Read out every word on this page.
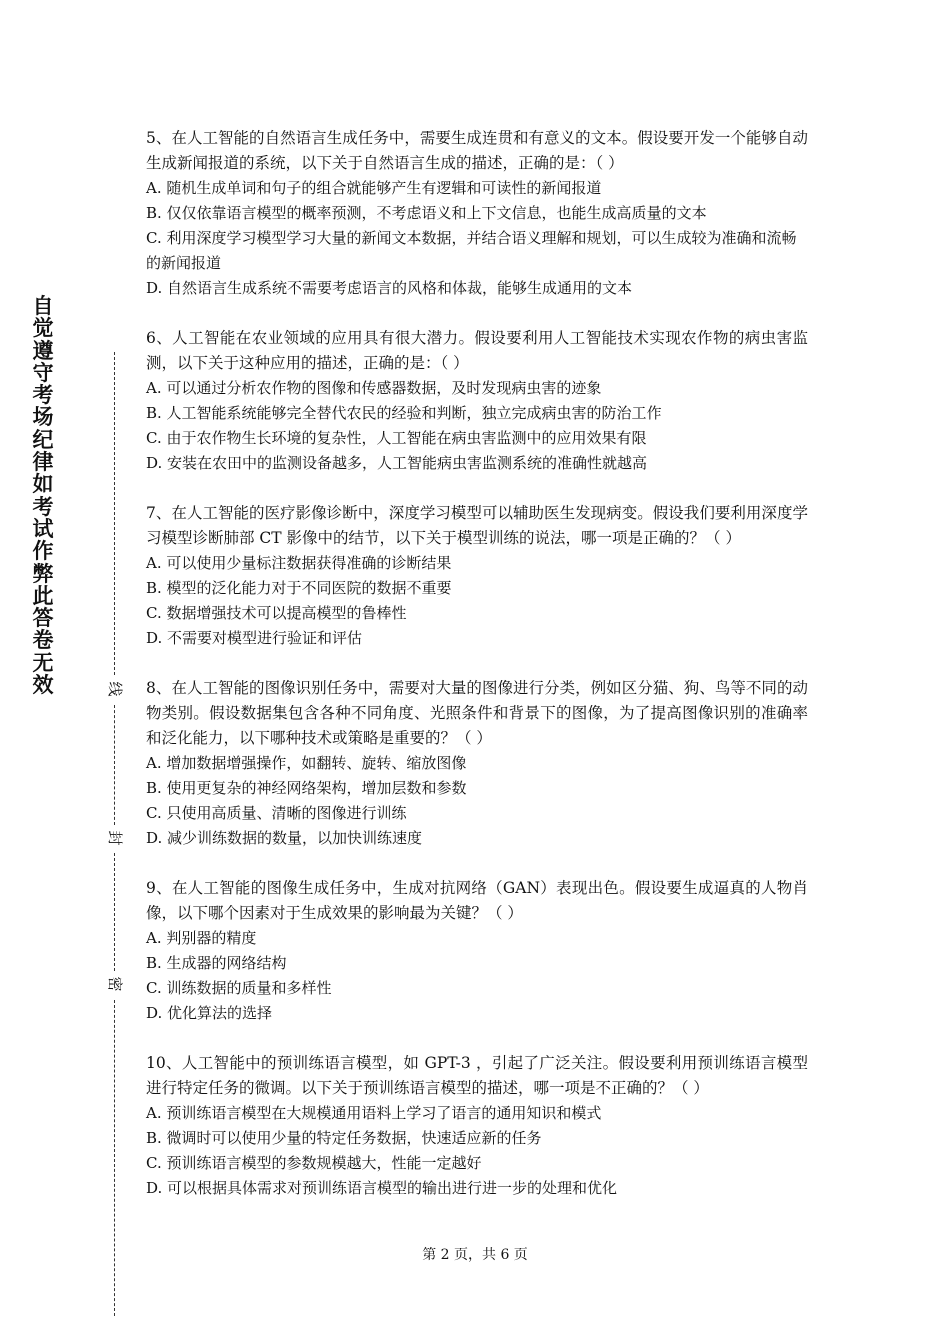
自觉遵守考场纪律如考试作弊此答卷无效	线
封
密

5、在人工智能的自然语言生成任务中，需要生成连贯和有意义的文本。假设要开发一个能够自动生成新闻报道的系统，以下关于自然语言生成的描述，正确的是：（ ）

A. 随机生成单词和句子的组合就能够产生有逻辑和可读性的新闻报道
B. 仅仅依靠语言模型的概率预测，不考虑语义和上下文信息，也能生成高质量的文本
C. 利用深度学习模型学习大量的新闻文本数据，并结合语义理解和规划，可以生成较为准确和流畅的新闻报道
D. 自然语言生成系统不需要考虑语言的风格和体裁，能够生成通用的文本

6、人工智能在农业领域的应用具有很大潜力。假设要利用人工智能技术实现农作物的病虫害监测，以下关于这种应用的描述，正确的是：（ ）

A. 可以通过分析农作物的图像和传感器数据，及时发现病虫害的迹象
B. 人工智能系统能够完全替代农民的经验和判断，独立完成病虫害的防治工作
C. 由于农作物生长环境的复杂性，人工智能在病虫害监测中的应用效果有限
D. 安装在农田中的监测设备越多，人工智能病虫害监测系统的准确性就越高

7、在人工智能的医疗影像诊断中，深度学习模型可以辅助医生发现病变。假设我们要利用深度学习模型诊断肺部 CT 影像中的结节，以下关于模型训练的说法，哪一项是正确的？（ ）

A. 可以使用少量标注数据获得准确的诊断结果
B. 模型的泛化能力对于不同医院的数据不重要
C. 数据增强技术可以提高模型的鲁棒性
D. 不需要对模型进行验证和评估

8、在人工智能的图像识别任务中，需要对大量的图像进行分类，例如区分猫、狗、鸟等不同的动物类别。假设数据集包含各种不同角度、光照条件和背景下的图像，为了提高图像识别的准确率和泛化能力，以下哪种技术或策略是重要的？（ ）

A. 增加数据增强操作，如翻转、旋转、缩放图像
B. 使用更复杂的神经网络架构，增加层数和参数
C. 只使用高质量、清晰的图像进行训练
D. 减少训练数据的数量，以加快训练速度

9、在人工智能的图像生成任务中，生成对抗网络（GAN）表现出色。假设要生成逼真的人物肖像，以下哪个因素对于生成效果的影响最为关键？（ ）

A. 判别器的精度
B. 生成器的网络结构
C. 训练数据的质量和多样性
D. 优化算法的选择

10、人工智能中的预训练语言模型，如 GPT-3 ，引起了广泛关注。假设要利用预训练语言模型进行特定任务的微调。以下关于预训练语言模型的描述，哪一项是不正确的？（ ）

A. 预训练语言模型在大规模通用语料上学习了语言的通用知识和模式
B. 微调时可以使用少量的特定任务数据，快速适应新的任务
C. 预训练语言模型的参数规模越大，性能一定越好
D. 可以根据具体需求对预训练语言模型的输出进行进一步的处理和优化
第 2 页，共 6 页
